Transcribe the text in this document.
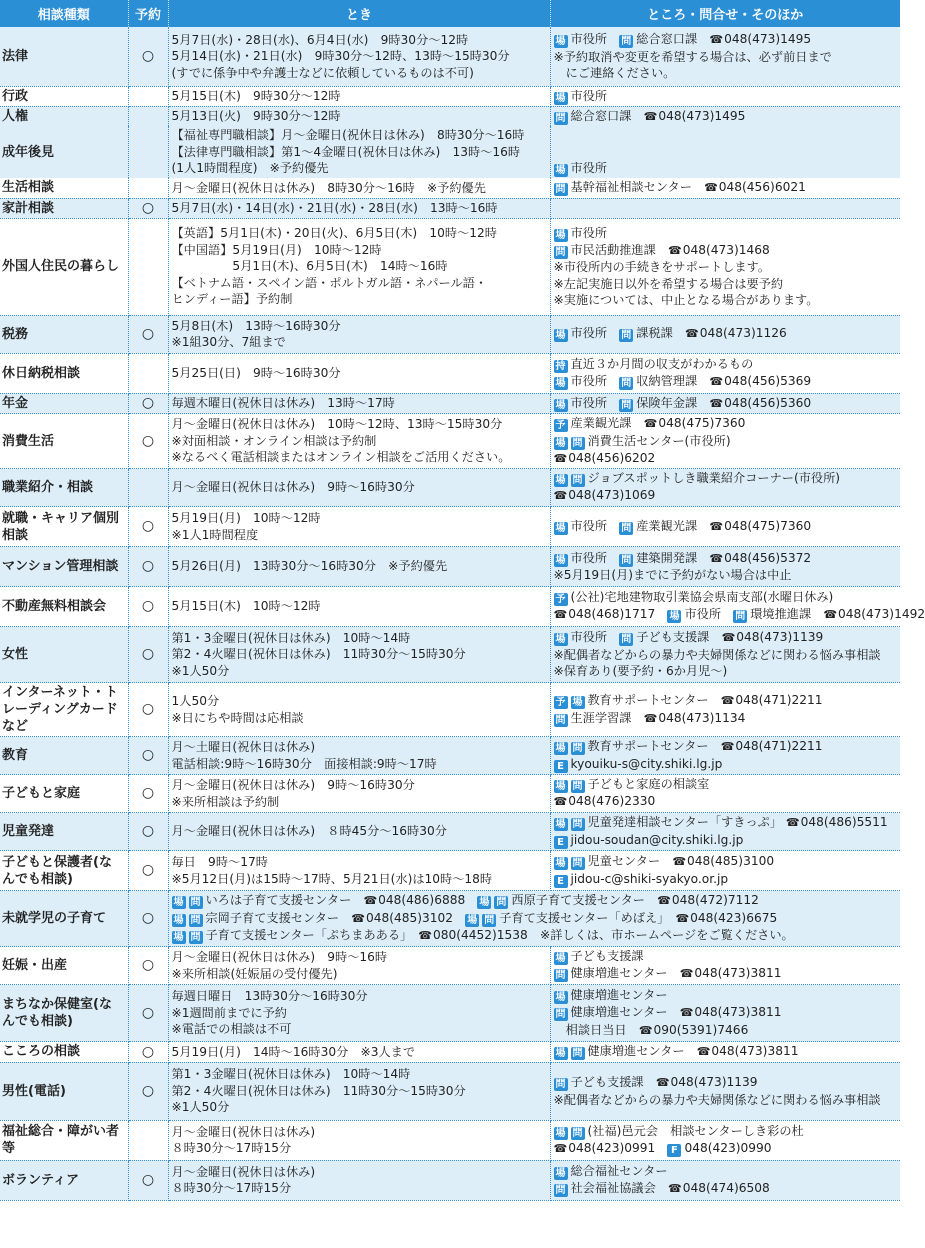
相談種類	予約	とき	ところ・問合せ・そのほか
法律	○	5月7日(水)・28日(水)、6月4日(水)　9時30分～12時
5月14日(水)・21日(水)　9時30分～12時、13時～15時30分
(すでに係争中や弁護士などに依頼しているものは不可)	場 市役所　問 総合窓口課　☎048(473)1495
※予約取消や変更を希望する場合は、必ず前日まで
　にご連絡ください。

行政		5月15日(木)　9時30分～12時	場 市役所

人権		5月13日(火)　9時30分～12時	問 総合窓口課　☎048(473)1495

成年後見		【福祉専門職相談】月～金曜日(祝休日は休み)　8時30分～16時
【法律専門職相談】第1～4金曜日(祝休日は休み)　13時～16時
(1人1時間程度)　※予約優先	場 市役所

生活相談		月～金曜日(祝休日は休み)　8時30分～16時　※予約優先	問 基幹福祉相談センター　☎048(456)6021

家計相談	○	5月7日(水)・14日(水)・21日(水)・28日(水)　13時～16時	

外国人住民の暮らし		【英語】5月1日(木)・20日(火)、6月5日(木)　10時～12時
【中国語】5月19日(月)　10時～12時
　　　　　5月1日(木)、6月5日(木)　14時～16時
【ベトナム語・スペイン語・ポルトガル語・ネパール語・
ヒンディー語】予約制	場 市役所
問 市民活動推進課　☎048(473)1468
※市役所内の手続きをサポートします。
※左記実施日以外を希望する場合は要予約
※実施については、中止となる場合があります。

税務	○	5月8日(木)　13時～16時30分
※1組30分、7組まで	場 市役所　問 課税課　☎048(473)1126

休日納税相談		5月25日(日)　9時～16時30分	持 直近３か月間の収支がわかるもの
場 市役所　問 収納管理課　☎048(456)5369

年金	○	毎週木曜日(祝休日は休み)　13時～17時	場 市役所　問 保険年金課　☎048(456)5360

消費生活	○	月～金曜日(祝休日は休み)　10時～12時、13時～15時30分
※対面相談・オンライン相談は予約制
※なるべく電話相談またはオンライン相談をご活用ください。	予 産業観光課　☎048(475)7360
場 問 消費生活センター(市役所)
☎048(456)6202

職業紹介・相談		月～金曜日(祝休日は休み)　9時～16時30分	場 問 ジョブスポットしき職業紹介コーナー(市役所)
☎048(473)1069

就職・キャリア個別相談	○	5月19日(月)　10時～12時
※1人1時間程度	場 市役所　問 産業観光課　☎048(475)7360

マンション管理相談	○	5月26日(月)　13時30分～16時30分　※予約優先	場 市役所　問 建築開発課　☎048(456)5372
※5月19日(月)までに予約がない場合は中止

不動産無料相談会	○	5月15日(木)　10時～12時	予 (公社)宅地建物取引業協会県南支部(水曜日休み)
☎048(468)1717　場 市役所　問 環境推進課　☎048(473)1492

女性	○	第1・3金曜日(祝休日は休み)　10時～14時
第2・4火曜日(祝休日は休み)　11時30分～15時30分
※1人50分	場 市役所　問 子ども支援課　☎048(473)1139
※配偶者などからの暴力や夫婦関係などに関わる悩み事相談
※保育あり(要予約・6か月児～)

インターネット・トレーディングカードなど	○	1人50分
※日にちや時間は応相談	予 場 教育サポートセンター　☎048(471)2211
問 生涯学習課　☎048(473)1134

教育	○	月～土曜日(祝休日は休み)
電話相談:9時～16時30分　面接相談:9時～17時	場 問 教育サポートセンター　☎048(471)2211
E kyouiku-s@city.shiki.lg.jp

子どもと家庭	○	月～金曜日(祝休日は休み)　9時～16時30分
※来所相談は予約制	場 問 子どもと家庭の相談室
☎048(476)2330

児童発達	○	月～金曜日(祝休日は休み)　８時45分～16時30分	場 問 児童発達相談センター「すきっぷ」 ☎048(486)5511
E jidou-soudan@city.shiki.lg.jp

子どもと保護者(なんでも相談)	○	毎日　9時～17時
※5月12日(月)は15時～17時、5月21日(水)は10時～18時	場 問 児童センター　☎048(485)3100
E jidou-c@shiki-syakyo.or.jp

未就学児の子育て	○	場 問 いろは子育て支援センター　☎048(486)6888　場 問 西原子育て支援センター　☎048(472)7112
場 問 宗岡子育て支援センター　☎048(485)3102　場 問 子育て支援センター「めばえ」　☎048(423)6675
場 問 子育て支援センター「ぷちまあある」　☎080(4452)1538　※詳しくは、市ホームページをご覧ください。	

妊娠・出産	○	月～金曜日(祝休日は休み)　9時～16時
※来所相談(妊娠届の受付優先)	場 子ども支援課
問 健康増進センター　☎048(473)3811

まちなか保健室(なんでも相談)	○	毎週日曜日　13時30分～16時30分
※1週間前までに予約
※電話での相談は不可	場 健康増進センター
問 健康増進センター　☎048(473)3811
　相談日当日　☎090(5391)7466

こころの相談	○	5月19日(月)　14時～16時30分　※3人まで	場 問 健康増進センター　☎048(473)3811

男性(電話)	○	第1・3金曜日(祝休日は休み)　10時～14時
第2・4火曜日(祝休日は休み)　11時30分～15時30分
※1人50分	問 子ども支援課　☎048(473)1139
※配偶者などからの暴力や夫婦関係などに関わる悩み事相談

福祉総合・障がい者等		月～金曜日(祝休日は休み)
８時30分～17時15分	場 問 (社福)邑元会　相談センターしき彩の杜
☎048(423)0991　F 048(423)0990

ボランティア	○	月～金曜日(祝休日は休み)
８時30分～17時15分	場 総合福祉センター
問 社会福祉協議会　☎048(474)6508
